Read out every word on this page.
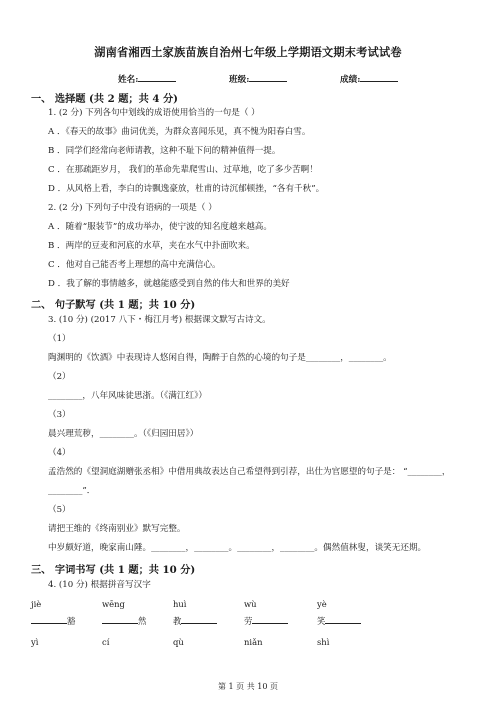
湖南省湘西土家族苗族自治州七年级上学期语文期末考试试卷
姓名:	班级:	成绩:
一、 选择题 (共 2 题；共 4 分)
1. (2 分) 下列各句中划线的成语使用恰当的一句是（ ）
A ．《春天的故事》曲词优美，为群众喜闻乐见，真不愧为阳春白雪。
B ．同学们经常向老师请教，这种不耻下问的精神值得一提。
C ．在那疏距岁月， 我们的革命先辈爬雪山、过草地，吃了多少苦啊！
D ．从风格上看，李白的诗飘逸豪放，杜甫的诗沉郁顿挫，“各有千秋”。
2. (2 分) 下列句子中没有语病的一项是（ ）
A ．随着“服装节”的成功举办，使宁波的知名度越来越高。
B ．两岸的豆麦和河底的水草，夹在水气中扑面吹来。
C ．他对自己能否考上理想的高中充满信心。
D ．我了解的事情越多，就越能感受到自然的伟大和世界的美好
二、 句子默写 (共 1 题；共 10 分)
3. (10 分) (2017 八下・梅江月考) 根据课文默写古诗文。
（1）
陶渊明的《饮酒》中表现诗人悠闲自得，陶醉于自然的心境的句子是________，________。
（2）
________，八年风味徒思浙。（《满江红》）
（3）
晨兴理荒秽，________。（《归园田居》）
（4）
孟浩然的《望洞庭湖赠张丞相》中借用典故表达自己希望得到引荐，出仕为官愿望的句子是： “________，
________”．
（5）
请把王维的《终南别业》默写完整。
中岁颇好道，晚家南山陲。________，________。________，________。偶然值林叟，谈笑无还期。
三、 字词书写 (共 1 题；共 10 分)
4. (10 分) 根据拼音写汉字
jiè	wēng	huì	wù	yè
豁	然	教	劳	笑
yì	cí	qù	niǎn	shì
第 1 页 共 10 页
